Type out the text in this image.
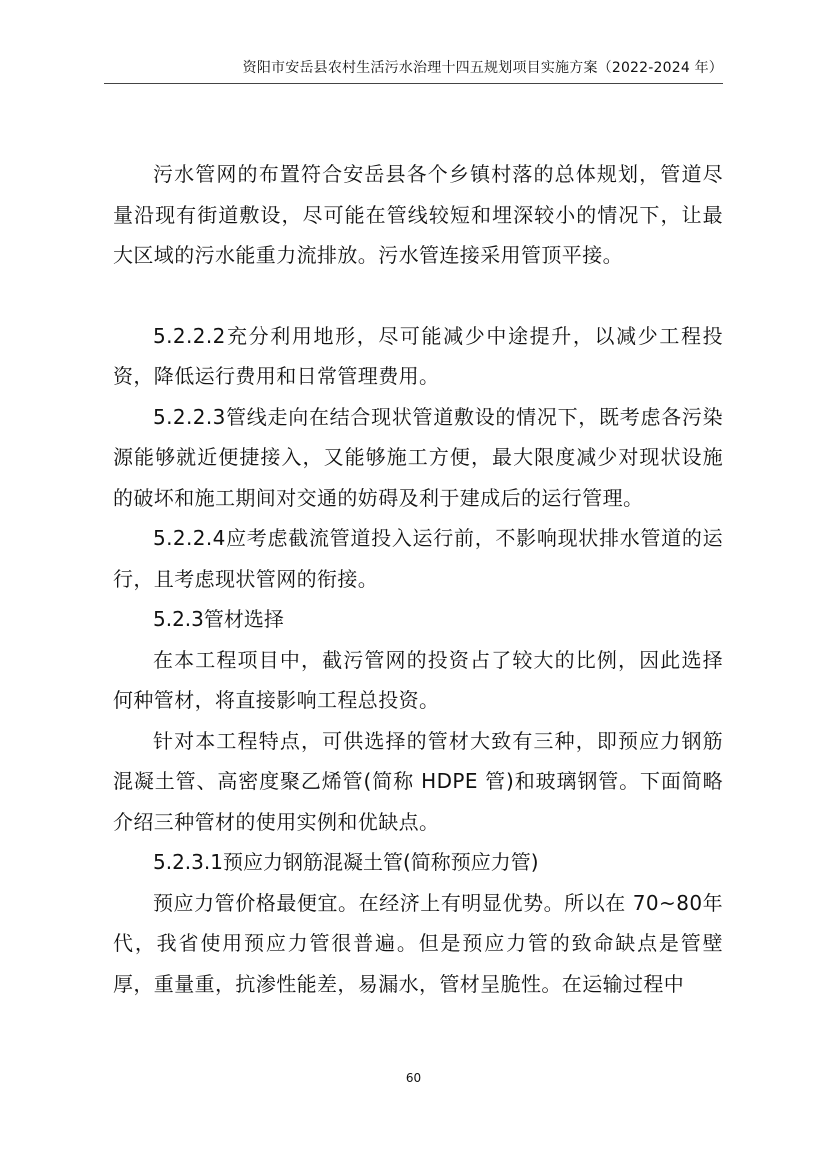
资阳市安岳县农村生活污水治理十四五规划项目实施方案（2022-2024 年）

污水管网的布置符合安岳县各个乡镇村落的总体规划，管道尽量沿现有街道敷设，尽可能在管线较短和埋深较小的情况下，让最大区域的污水能重力流排放。污水管连接采用管顶平接。

5.2.2.2充分利用地形，尽可能减少中途提升，以减少工程投资，降低运行费用和日常管理费用。

5.2.2.3管线走向在结合现状管道敷设的情况下，既考虑各污染源能够就近便捷接入，又能够施工方便，最大限度减少对现状设施的破坏和施工期间对交通的妨碍及利于建成后的运行管理。

5.2.2.4应考虑截流管道投入运行前，不影响现状排水管道的运行，且考虑现状管网的衔接。

5.2.3管材选择

在本工程项目中，截污管网的投资占了较大的比例，因此选择何种管材，将直接影响工程总投资。

针对本工程特点，可供选择的管材大致有三种，即预应力钢筋混凝土管、高密度聚乙烯管(简称 HDPE 管)和玻璃钢管。下面简略介绍三种管材的使用实例和优缺点。

5.2.3.1预应力钢筋混凝土管(简称预应力管)

预应力管价格最便宜。在经济上有明显优势。所以在 70~80年代，我省使用预应力管很普遍。但是预应力管的致命缺点是管壁厚，重量重，抗渗性能差，易漏水，管材呈脆性。在运输过程中

60
